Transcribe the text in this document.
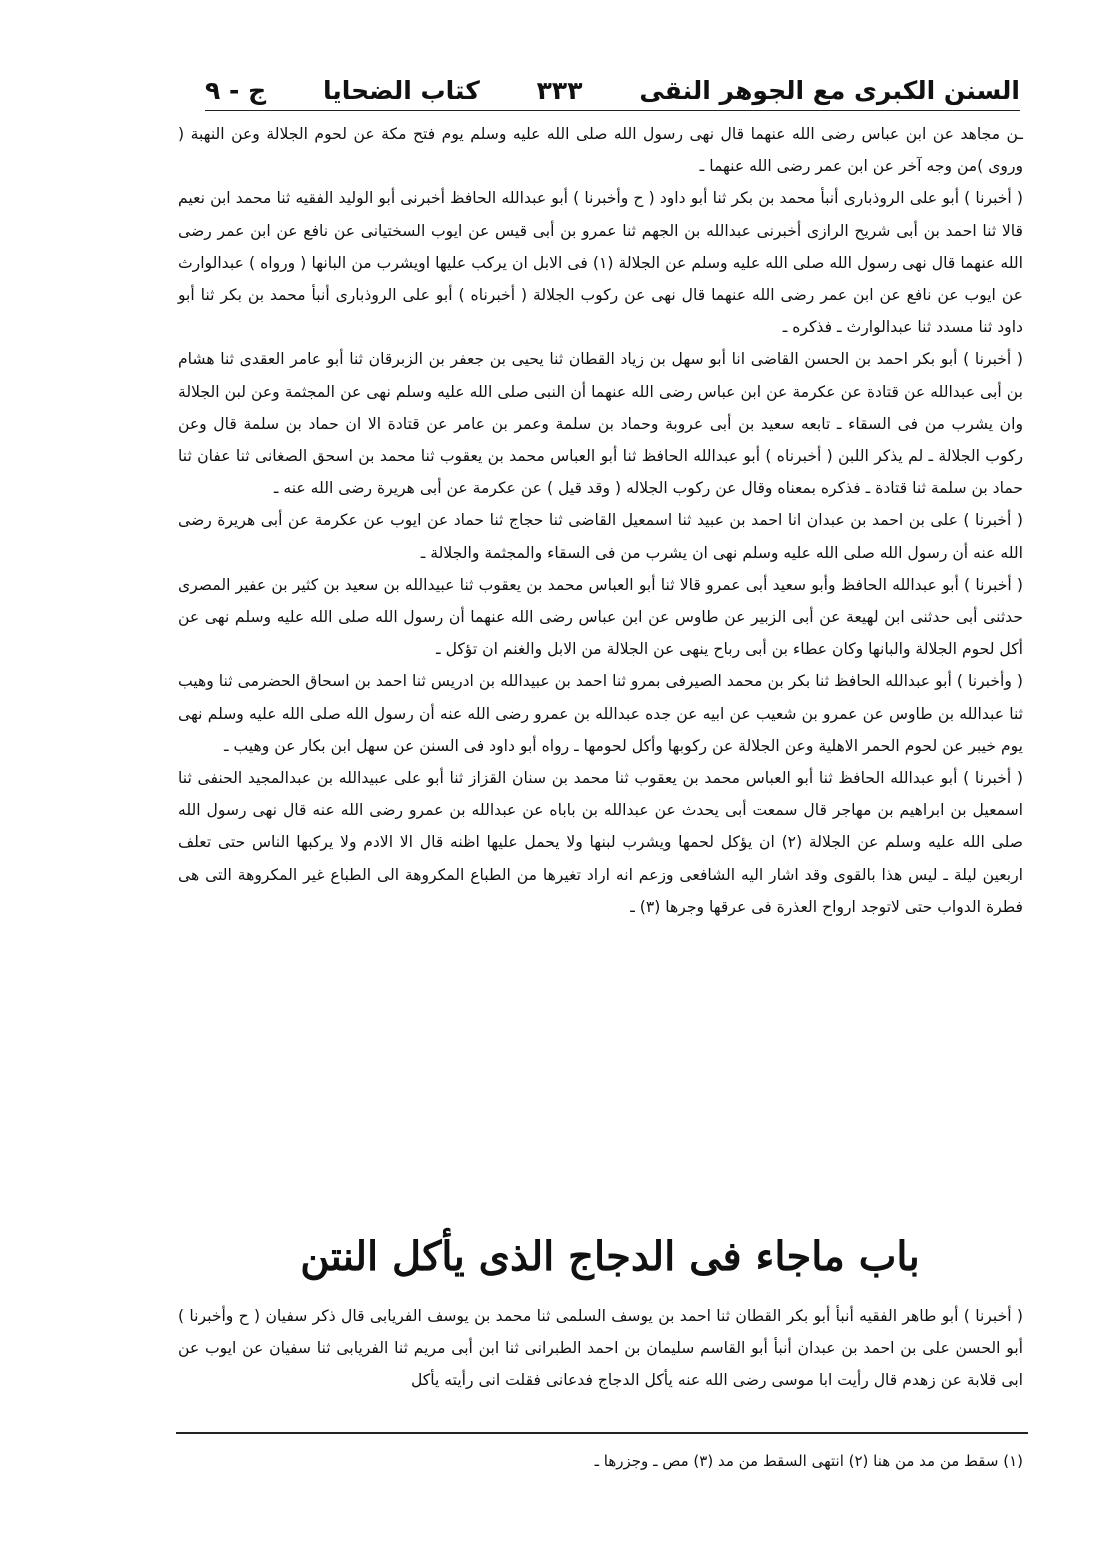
السنن الكبرى مع الجوهر النقى
٣٣٣
كتاب الضحايا
ج - ٩

ـن مجاهد عن ابن عباس رضى الله عنهما قال نهى رسول الله صلى الله عليه وسلم يوم فتح مكة عن لحوم الجلالة وعن النهبة ( وروى )من وجه آخر عن ابن عمر رضى الله عنهما ـ

( أخبرنا ) أبو على الروذبارى أنبأ محمد بن بكر ثنا أبو داود ( ح وأخبرنا ) أبو عبدالله الحافظ أخبرنى أبو الوليد الفقيه ثنا محمد ابن نعيم قالا ثنا احمد بن أبى شريح الرازى أخبرنى عبدالله بن الجهم ثنا عمرو بن أبى قيس عن ايوب السختيانى عن نافع عن ابن عمر رضى الله عنهما قال نهى رسول الله صلى الله عليه وسلم عن الجلالة (١) فى الابل ان يركب عليها اويشرب من البانها ( ورواه ) عبدالوارث عن ايوب عن نافع عن ابن عمر رضى الله عنهما قال نهى عن ركوب الجلالة ( أخبرناه ) أبو على الروذبارى أنبأ محمد بن بكر ثنا أبو داود ثنا مسدد ثنا عبدالوارث ـ فذكره ـ

( أخبرنا ) أبو بكر احمد بن الحسن القاضى انا أبو سهل بن زياد القطان ثنا يحيى بن جعفر بن الزبرقان ثنا أبو عامر العقدى ثنا هشام بن أبى عبدالله عن قتادة عن عكرمة عن ابن عباس رضى الله عنهما أن النبى صلى الله عليه وسلم نهى عن المجثمة وعن لبن الجلالة وان يشرب من فى السقاء ـ تابعه سعيد بن أبى عروبة وحماد بن سلمة وعمر بن عامر عن قتادة الا ان حماد بن سلمة قال وعن ركوب الجلالة ـ لم يذكر اللبن ( أخبرناه ) أبو عبدالله الحافظ ثنا أبو العباس محمد بن يعقوب ثنا محمد بن اسحق الصغانى ثنا عفان ثنا حماد بن سلمة ثنا قتادة ـ فذكره بمعناه وقال عن ركوب الجلاله ( وقد قيل ) عن عكرمة عن أبى هريرة رضى الله عنه ـ

( أخبرنا ) على بن احمد بن عبدان انا احمد بن عبيد ثنا اسمعيل القاضى ثنا حجاج ثنا حماد عن ايوب عن عكرمة عن أبى هريرة رضى الله عنه أن رسول الله صلى الله عليه وسلم نهى ان يشرب من فى السقاء والمجثمة والجلالة ـ

( أخبرنا ) أبو عبدالله الحافظ وأبو سعيد أبى عمرو قالا ثنا أبو العباس محمد بن يعقوب ثنا عبيدالله بن سعيد بن كثير بن عفير المصرى حدثنى أبى حدثنى ابن لهيعة عن أبى الزبير عن طاوس عن ابن عباس رضى الله عنهما أن رسول الله صلى الله عليه وسلم نهى عن أكل لحوم الجلالة والبانها وكان عطاء بن أبى رباح ينهى عن الجلالة من الابل والغنم ان تؤكل ـ

( وأخبرنا ) أبو عبدالله الحافظ ثنا بكر بن محمد الصيرفى بمرو ثنا احمد بن عبيدالله بن ادريس ثنا احمد بن اسحاق الحضرمى ثنا وهيب ثنا عبدالله بن طاوس عن عمرو بن شعيب عن ابيه عن جده عبدالله بن عمرو رضى الله عنه أن رسول الله صلى الله عليه وسلم نهى يوم خيبر عن لحوم الحمر الاهلية وعن الجلالة عن ركوبها وأكل لحومها ـ رواه أبو داود فى السنن عن سهل ابن بكار عن وهيب ـ

( أخبرنا ) أبو عبدالله الحافظ ثنا أبو العباس محمد بن يعقوب ثنا محمد بن سنان القزاز ثنا أبو على عبيدالله بن عبدالمجيد الحنفى ثنا اسمعيل بن ابراهيم بن مهاجر قال سمعت أبى يحدث عن عبدالله بن باباه عن عبدالله بن عمرو رضى الله عنه قال نهى رسول الله صلى الله عليه وسلم عن الجلالة (٢) ان يؤكل لحمها ويشرب لبنها ولا يحمل عليها اظنه قال الا الادم ولا يركبها الناس حتى تعلف اربعين ليلة ـ ليس هذا بالقوى وقد اشار اليه الشافعى وزعم انه اراد تغيرها من الطباع المكروهة الى الطباع غير المكروهة التى هى فطرة الدواب حتى لاتوجد ارواح العذرة فى عرقها وجرها (٣) ـ

باب ماجاء فى الدجاج الذى يأكل النتن

( أخبرنا ) أبو طاهر الفقيه أنبأ أبو بكر القطان ثنا احمد بن يوسف السلمى ثنا محمد بن يوسف الفريابى قال ذكر سفيان ( ح وأخبرنا ) أبو الحسن على بن احمد بن عبدان أنبأ أبو القاسم سليمان بن احمد الطبرانى ثنا ابن أبى مريم ثنا الفريابى ثنا سفيان عن ايوب عن ابى قلابة عن زهدم قال رأيت ابا موسى رضى الله عنه يأكل الدجاج فدعانى فقلت انى رأيته يأكل

(١) سقط من مد من هنا (٢) انتهى السقط من مد (٣) مص ـ وجزرها ـ
